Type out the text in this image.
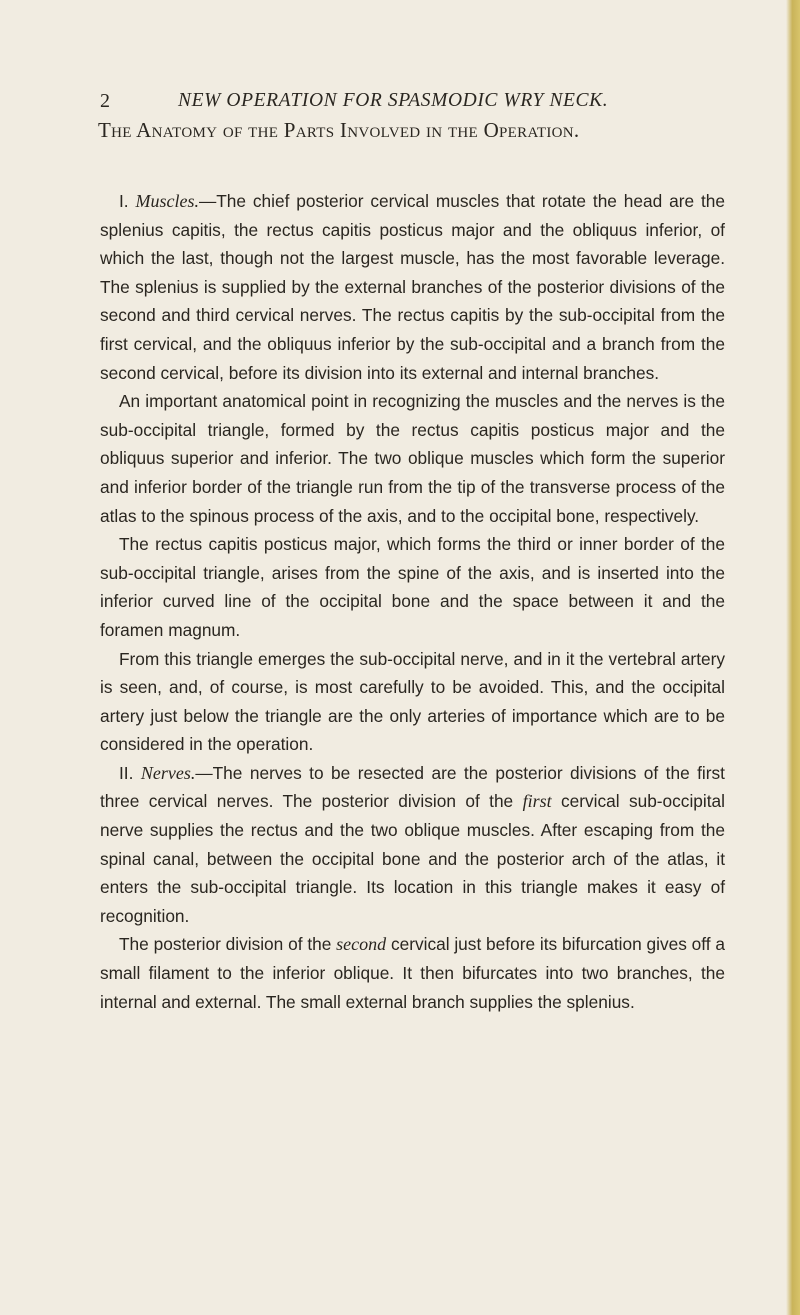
2	NEW OPERATION FOR SPASMODIC WRY NECK.
The Anatomy of the Parts Involved in the Operation.

I. Muscles.—The chief posterior cervical muscles that rotate the head are the splenius capitis, the rectus capitis posticus major and the obliquus inferior, of which the last, though not the largest muscle, has the most favorable leverage. The splenius is supplied by the external branches of the posterior divisions of the second and third cervical nerves. The rectus capitis by the sub-occipital from the first cervical, and the obliquus inferior by the sub-occipital and a branch from the second cervical, before its division into its external and internal branches.

An important anatomical point in recognizing the muscles and the nerves is the sub-occipital triangle, formed by the rectus capitis posticus major and the obliquus superior and inferior. The two oblique muscles which form the superior and inferior border of the triangle run from the tip of the transverse process of the atlas to the spinous process of the axis, and to the occipital bone, respectively.

The rectus capitis posticus major, which forms the third or inner border of the sub-occipital triangle, arises from the spine of the axis, and is inserted into the inferior curved line of the occipital bone and the space between it and the foramen magnum.

From this triangle emerges the sub-occipital nerve, and in it the vertebral artery is seen, and, of course, is most carefully to be avoided. This, and the occipital artery just below the triangle are the only arteries of importance which are to be considered in the operation.

II. Nerves.—The nerves to be resected are the posterior divisions of the first three cervical nerves. The posterior division of the first cervical sub-occipital nerve supplies the rectus and the two oblique muscles. After escaping from the spinal canal, between the occipital bone and the posterior arch of the atlas, it enters the sub-occipital triangle. Its location in this triangle makes it easy of recognition.

The posterior division of the second cervical just before its bifurcation gives off a small filament to the inferior oblique. It then bifurcates into two branches, the internal and external. The small external branch supplies the splenius.
